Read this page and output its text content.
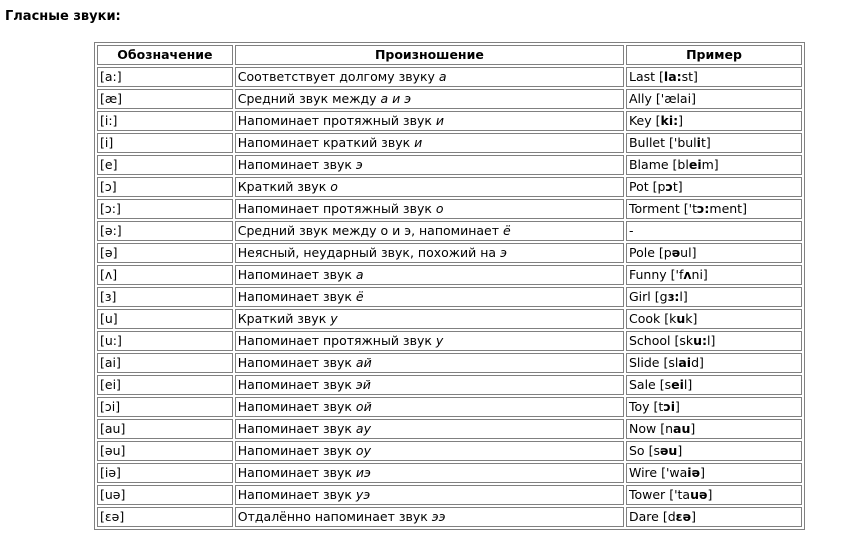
Гласные звуки:
Обозначение	Произношение	Пример
[a:]	Соответствует долгому звуку а	Last [la:st]
[æ]	Средний звук между а и э	Ally ['ælai]
[i:]	Напоминает протяжный звук и	Key [ki:]
[i]	Напоминает краткий звук и	Bullet ['bulit]
[e]	Напоминает звук э	Blame [bleim]
[ɔ]	Краткий звук о	Pot [pɔt]
[ɔ:]	Напоминает протяжный звук о	Torment ['tɔ:ment]
[ə:]	Средний звук между о и э, напоминает ё	-
[ə]	Неясный, неударный звук, похожий на э	Pole [pəul]
[ʌ]	Напоминает звук а	Funny ['fʌni]
[ɜ]	Напоминает звук ё	Girl [gɜ:l]
[u]	Краткий звук у	Cook [kuk]
[u:]	Напоминает протяжный звук у	School [sku:l]
[ai]	Напоминает звук ай	Slide [slaid]
[ei]	Напоминает звук эй	Sale [seil]
[ɔi]	Напоминает звук ой	Toy [tɔi]
[au]	Напоминает звук ау	Now [nau]
[əu]	Напоминает звук оу	So [səu]
[iə]	Напоминает звук иэ	Wire ['waiə]
[uə]	Напоминает звук уэ	Tower ['tauə]
[ɛə]	Отдалённо напоминает звук ээ	Dare [dɛə]
